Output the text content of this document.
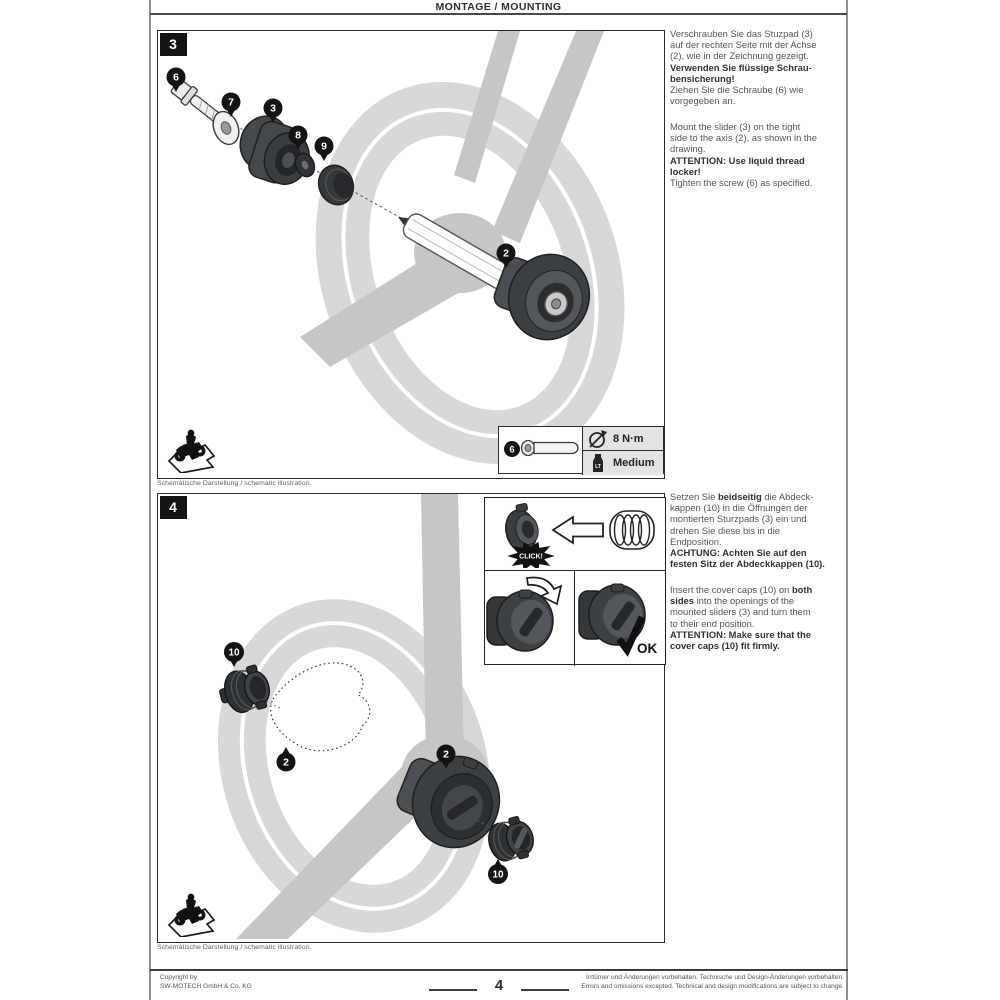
MONTAGE / MOUNTING
3
6
7	3
8
9
2
6
8 N·m
LT Medium
Schematische Darstellung / schematic illustration.
Verschrauben Sie das Stuzpad (3)
auf der rechten Seite mit der Achse
(2), wie in der Zeichnung gezeigt.
Verwenden Sie flüssige Schrau-
bensicherung!
Ziehen Sie die Schraube (6) wie
vorgegeben an.
Mount the slider (3) on the right
side to the axis (2), as shown in the
drawing.
ATTENTION: Use liquid thread
locker!
Tighten the screw (6) as specified.
4
10
2
2
10
CLICK!
OK
Schematische Darstellung / schematic illustration.
Setzen Sie beidseitig die Abdeck-
kappen (10) in die Öffnungen der
montierten Sturzpads (3) ein und
drehen Sie diese bis in die
Endposition.
ACHTUNG: Achten Sie auf den
festen Sitz der Abdeckkappen (10).
Insert the cover caps (10) on both
sides into the openings of the
mounted sliders (3) and turn them
to their end position.
ATTENTION: Make sure that the
cover caps (10) fit firmly.
Copyright by
SW-MOTECH GmbH & Co. KG
Irrtümer und Änderungen vorbehalten. Technische und Design-Änderungen vorbehalten.
Errors and omissions excepted. Technical and design modifications are subject to change.
4
